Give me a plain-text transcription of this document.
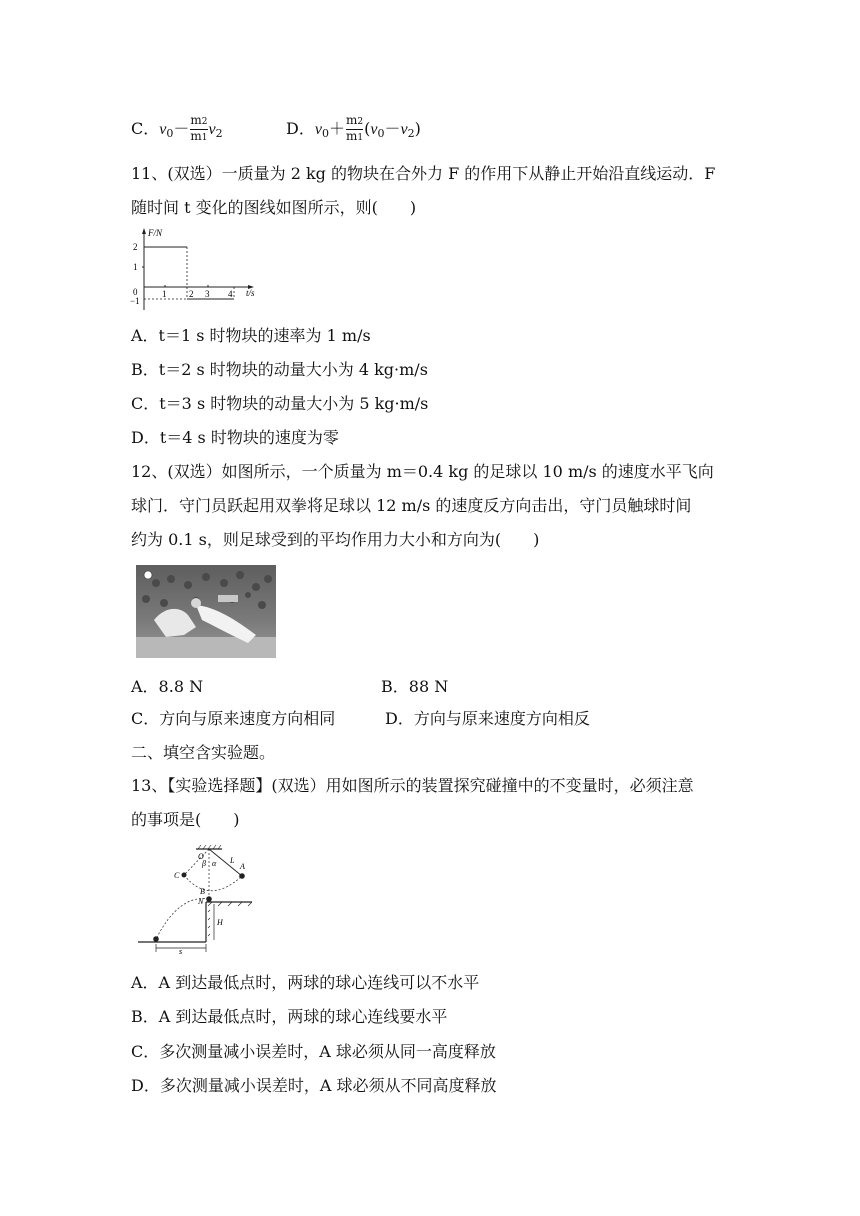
C．$v_0- \frac{m2}{m1} v_2$	D．$v_0+ \frac{m2}{m1} (v_0-v_2)$
11、(双选）一质量为 2 kg 的物块在合外力 F 的作用下从静止开始沿直线运动．F
随时间 t 变化的图线如图所示，则(　　)
F/N
t/s
2
1
0
−1
1	2 3 4
A．t＝1 s 时物块的速率为 1 m/s
B．t＝2 s 时物块的动量大小为 4 kg·m/s
C．t＝3 s 时物块的动量大小为 5 kg·m/s
D．t＝4 s 时物块的速度为零
12、(双选）如图所示，一个质量为 m＝0.4 kg 的足球以 10 m/s 的速度水平飞向
球门．守门员跃起用双拳将足球以 12 m/s 的速度反方向击出，守门员触球时间
约为 0.1 s，则足球受到的平均作用力大小和方向为(　　)
A．8.8 N	B．88 N
C．方向与原来速度方向相同	D．方向与原来速度方向相反
二、填空含实验题。
13、【实验选择题】(双选）用如图所示的装置探究碰撞中的不变量时，必须注意
的事项是(　　)
O
β α L
A
C
B
N
H
s
A．A 到达最低点时，两球的球心连线可以不水平
B．A 到达最低点时，两球的球心连线要水平
C．多次测量减小误差时，A 球必须从同一高度释放
D．多次测量减小误差时，A 球必须从不同高度释放
